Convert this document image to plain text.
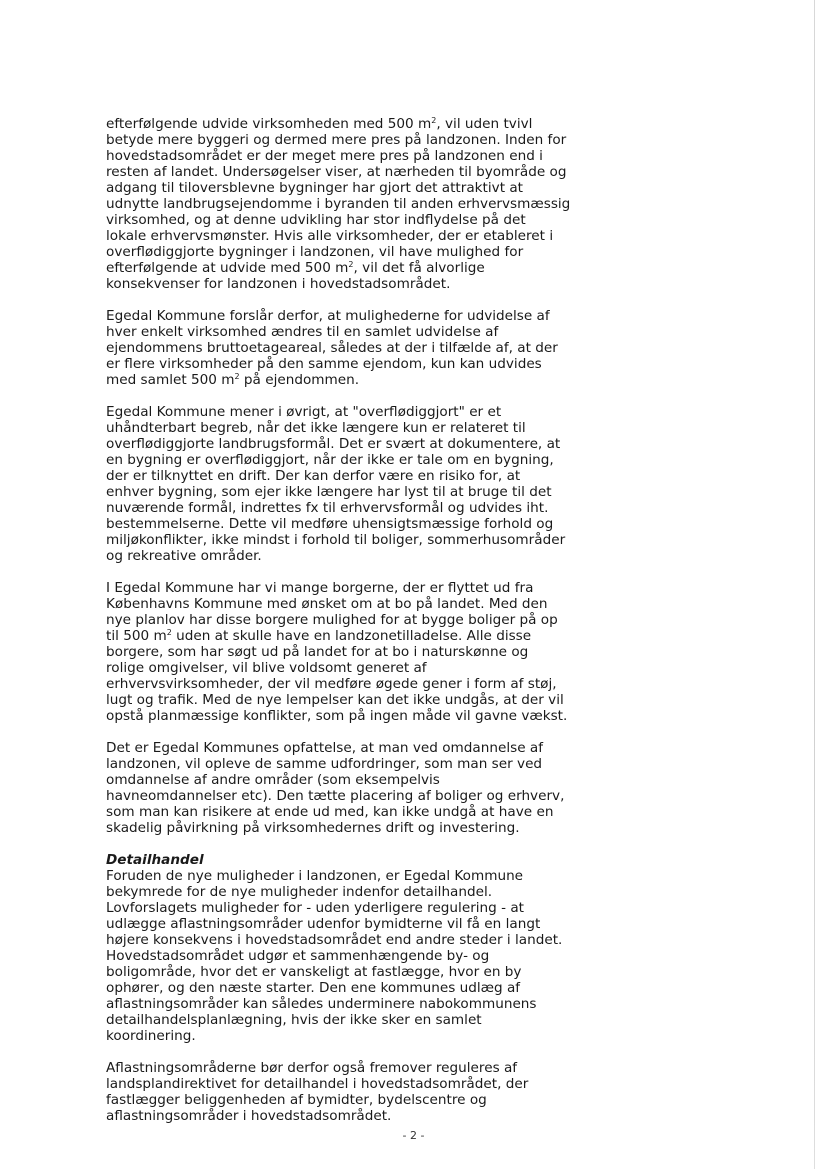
efterfølgende udvide virksomheden med 500 $m^2$, vil uden tvivl
betyde mere byggeri og dermed mere pres på landzonen. Inden for
hovedstadsområdet er der meget mere pres på landzonen end i
resten af landet. Undersøgelser viser, at nærheden til byområde og
adgang til tiloversblevne bygninger har gjort det attraktivt at
udnytte landbrugsejendomme i byranden til anden erhvervsmæssig
virksomhed, og at denne udvikling har stor indflydelse på det
lokale erhvervsmønster. Hvis alle virksomheder, der er etableret i
overflødiggjorte bygninger i landzonen, vil have mulighed for
efterfølgende at udvide med 500 $m^2$, vil det få alvorlige
konsekvenser for landzonen i hovedstadsområdet.

Egedal Kommune forslår derfor, at mulighederne for udvidelse af
hver enkelt virksomhed ændres til en samlet udvidelse af
ejendommens bruttoetageareal, således at der i tilfælde af, at der
er flere virksomheder på den samme ejendom, kun kan udvides
med samlet 500 $m^2$ på ejendommen.

Egedal Kommune mener i øvrigt, at "overflødiggjort" er et
uhåndterbart begreb, når det ikke længere kun er relateret til
overflødiggjorte landbrugsformål. Det er svært at dokumentere, at
en bygning er overflødiggjort, når der ikke er tale om en bygning,
der er tilknyttet en drift. Der kan derfor være en risiko for, at
enhver bygning, som ejer ikke længere har lyst til at bruge til det
nuværende formål, indrettes fx til erhvervsformål og udvides iht.
bestemmelserne. Dette vil medføre uhensigtsmæssige forhold og
miljøkonflikter, ikke mindst i forhold til boliger, sommerhusområder
og rekreative områder.

I Egedal Kommune har vi mange borgerne, der er flyttet ud fra
Københavns Kommune med ønsket om at bo på landet. Med den
nye planlov har disse borgere mulighed for at bygge boliger på op
til 500 $m^2$ uden at skulle have en landzonetilladelse. Alle disse
borgere, som har søgt ud på landet for at bo i naturskønne og
rolige omgivelser, vil blive voldsomt generet af
erhvervsvirksomheder, der vil medføre øgede gener i form af støj,
lugt og trafik. Med de nye lempelser kan det ikke undgås, at der vil
opstå planmæssige konflikter, som på ingen måde vil gavne vækst.

Det er Egedal Kommunes opfattelse, at man ved omdannelse af
landzonen, vil opleve de samme udfordringer, som man ser ved
omdannelse af andre områder (som eksempelvis
havneomdannelser etc). Den tætte placering af boliger og erhverv,
som man kan risikere at ende ud med, kan ikke undgå at have en
skadelig påvirkning på virksomhedernes drift og investering.

Detailhandel

Foruden de nye muligheder i landzonen, er Egedal Kommune
bekymrede for de nye muligheder indenfor detailhandel.
Lovforslagets muligheder for - uden yderligere regulering - at
udlægge aflastningsområder udenfor bymidterne vil få en langt
højere konsekvens i hovedstadsområdet end andre steder i landet.
Hovedstadsområdet udgør et sammenhængende by- og
boligområde, hvor det er vanskeligt at fastlægge, hvor en by
ophører, og den næste starter. Den ene kommunes udlæg af
aflastningsområder kan således underminere nabokommunens
detailhandelsplanlægning, hvis der ikke sker en samlet
koordinering.

Aflastningsområderne bør derfor også fremover reguleres af
landsplandirektivet for detailhandel i hovedstadsområdet, der
fastlægger beliggenheden af bymidter, bydelscentre og
aflastningsområder i hovedstadsområdet.

- 2 -
